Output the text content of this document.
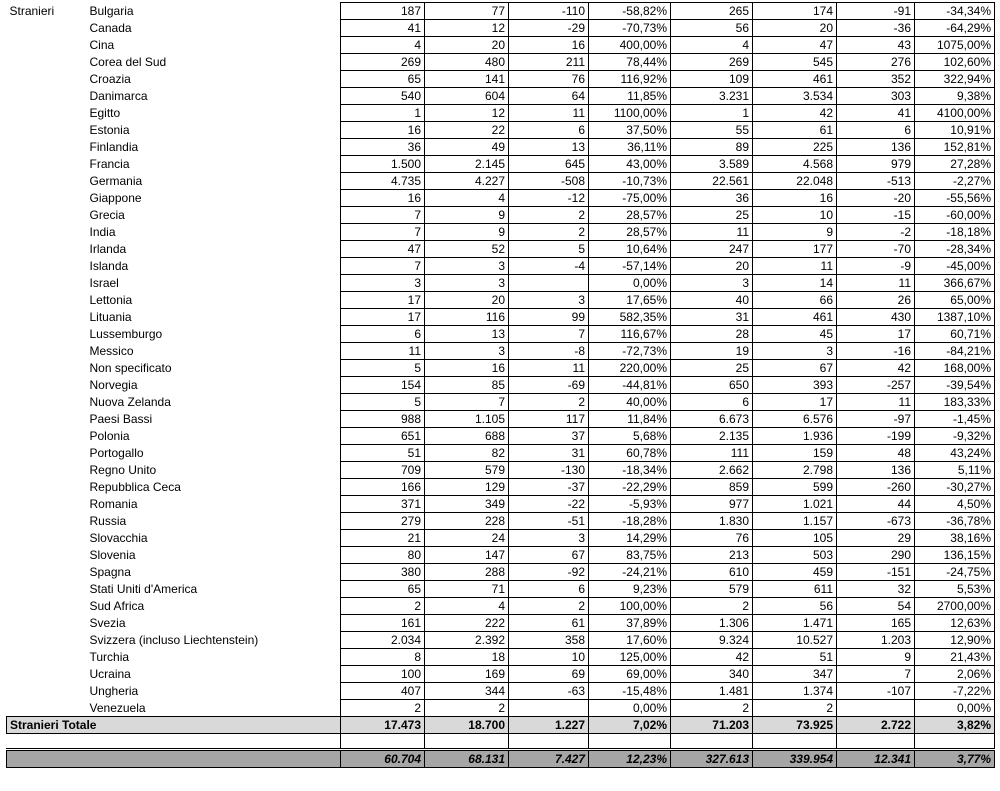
Stranieri	Bulgaria	187	77	-110	-58,82%	265	174	-91	-34,34%
	Canada	41	12	-29	-70,73%	56	20	-36	-64,29%
	Cina	4	20	16	400,00%	4	47	43	1075,00%
	Corea del Sud	269	480	211	78,44%	269	545	276	102,60%
	Croazia	65	141	76	116,92%	109	461	352	322,94%
	Danimarca	540	604	64	11,85%	3.231	3.534	303	9,38%
	Egitto	1	12	11	1100,00%	1	42	41	4100,00%
	Estonia	16	22	6	37,50%	55	61	6	10,91%
	Finlandia	36	49	13	36,11%	89	225	136	152,81%
	Francia	1.500	2.145	645	43,00%	3.589	4.568	979	27,28%
	Germania	4.735	4.227	-508	-10,73%	22.561	22.048	-513	-2,27%
	Giappone	16	4	-12	-75,00%	36	16	-20	-55,56%
	Grecia	7	9	2	28,57%	25	10	-15	-60,00%
	India	7	9	2	28,57%	11	9	-2	-18,18%
	Irlanda	47	52	5	10,64%	247	177	-70	-28,34%
	Islanda	7	3	-4	-57,14%	20	11	-9	-45,00%
	Israel	3	3		0,00%	3	14	11	366,67%
	Lettonia	17	20	3	17,65%	40	66	26	65,00%
	Lituania	17	116	99	582,35%	31	461	430	1387,10%
	Lussemburgo	6	13	7	116,67%	28	45	17	60,71%
	Messico	11	3	-8	-72,73%	19	3	-16	-84,21%
	Non specificato	5	16	11	220,00%	25	67	42	168,00%
	Norvegia	154	85	-69	-44,81%	650	393	-257	-39,54%
	Nuova Zelanda	5	7	2	40,00%	6	17	11	183,33%
	Paesi Bassi	988	1.105	117	11,84%	6.673	6.576	-97	-1,45%
	Polonia	651	688	37	5,68%	2.135	1.936	-199	-9,32%
	Portogallo	51	82	31	60,78%	111	159	48	43,24%
	Regno Unito	709	579	-130	-18,34%	2.662	2.798	136	5,11%
	Repubblica Ceca	166	129	-37	-22,29%	859	599	-260	-30,27%
	Romania	371	349	-22	-5,93%	977	1.021	44	4,50%
	Russia	279	228	-51	-18,28%	1.830	1.157	-673	-36,78%
	Slovacchia	21	24	3	14,29%	76	105	29	38,16%
	Slovenia	80	147	67	83,75%	213	503	290	136,15%
	Spagna	380	288	-92	-24,21%	610	459	-151	-24,75%
	Stati Uniti d'America	65	71	6	9,23%	579	611	32	5,53%
	Sud Africa	2	4	2	100,00%	2	56	54	2700,00%
	Svezia	161	222	61	37,89%	1.306	1.471	165	12,63%
	Svizzera (incluso Liechtenstein)	2.034	2.392	358	17,60%	9.324	10.527	1.203	12,90%
	Turchia	8	18	10	125,00%	42	51	9	21,43%
	Ucraina	100	169	69	69,00%	340	347	7	2,06%
	Ungheria	407	344	-63	-15,48%	1.481	1.374	-107	-7,22%
	Venezuela	2	2		0,00%	2	2		0,00%
Stranieri Totale		17.473	18.700	1.227	7,02%	71.203	73.925	2.722	3,82%

		60.704	68.131	7.427	12,23%	327.613	339.954	12.341	3,77%
